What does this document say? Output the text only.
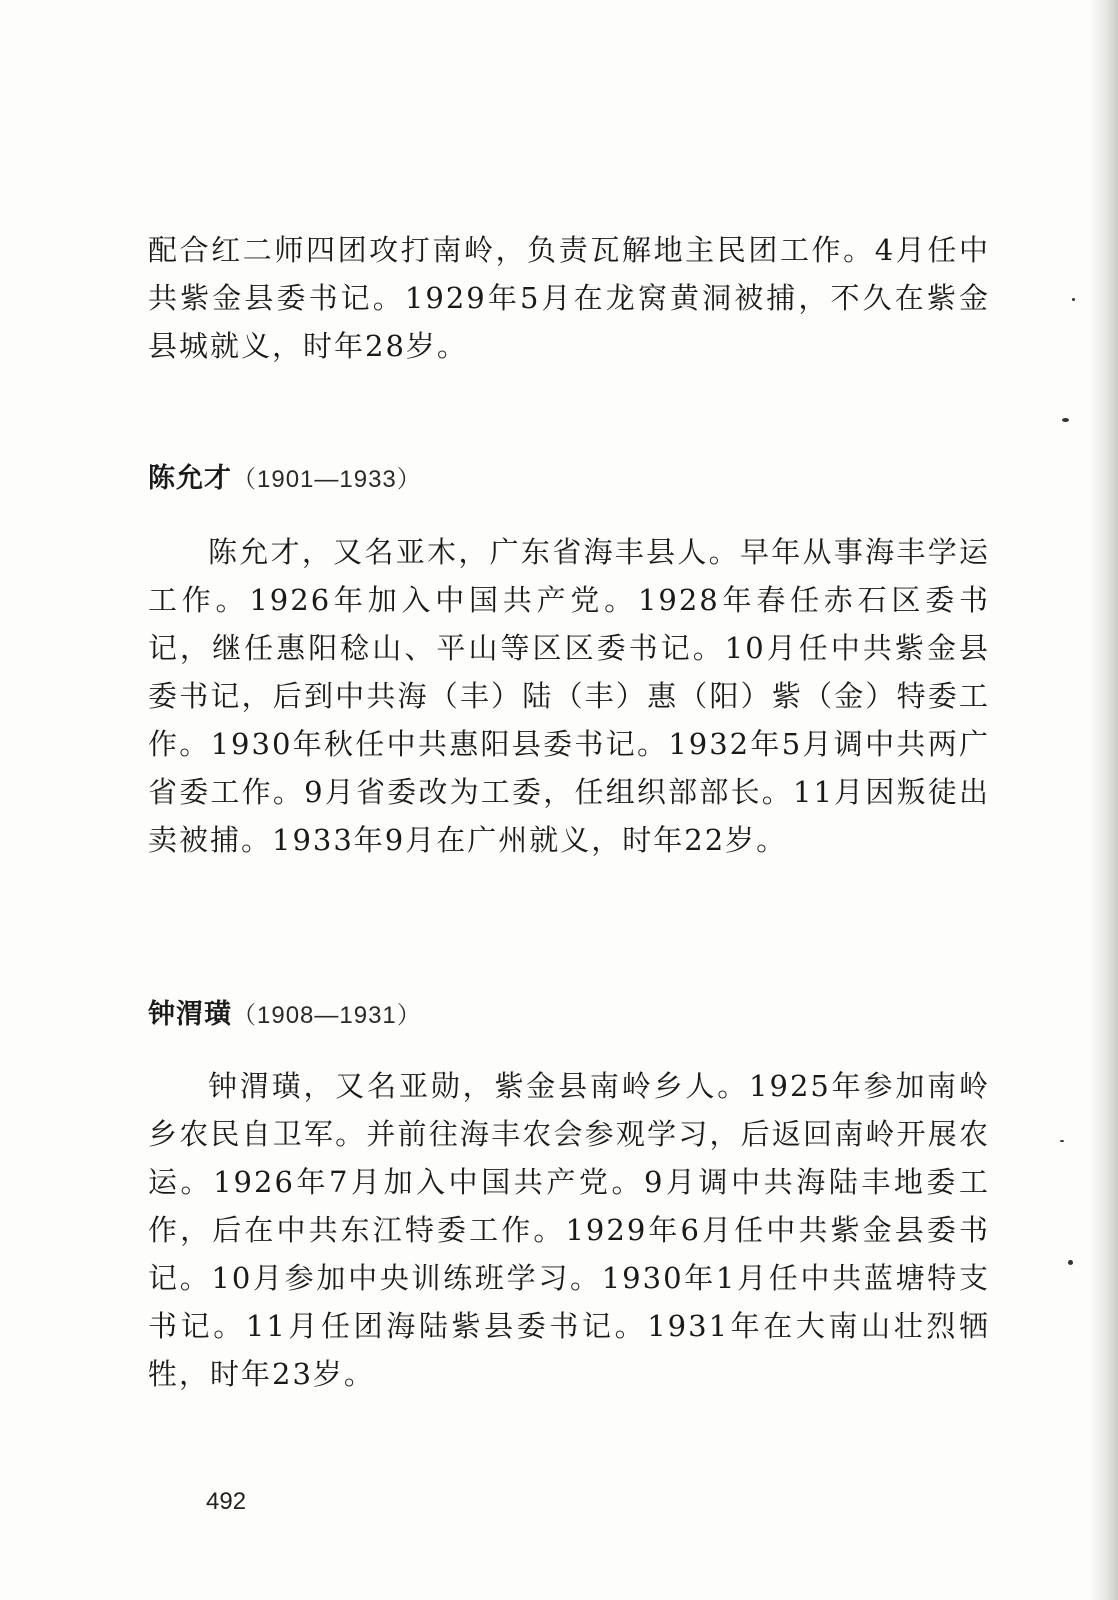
配合红二师四团攻打南岭，负责瓦解地主民团工作。4月任中共紫金县委书记。1929年5月在龙窝黄洞被捕，不久在紫金县城就义，时年28岁。

陈允才（1901—1933）

陈允才，又名亚木，广东省海丰县人。早年从事海丰学运工作。1926年加入中国共产党。1928年春任赤石区委书记，继任惠阳稔山、平山等区区委书记。10月任中共紫金县委书记，后到中共海（丰）陆（丰）惠（阳）紫（金）特委工作。1930年秋任中共惠阳县委书记。1932年5月调中共两广省委工作。9月省委改为工委，任组织部部长。11月因叛徒出卖被捕。1933年9月在广州就义，时年22岁。

钟渭璜（1908—1931）

钟渭璜，又名亚勋，紫金县南岭乡人。1925年参加南岭乡农民自卫军。并前往海丰农会参观学习，后返回南岭开展农运。1926年7月加入中国共产党。9月调中共海陆丰地委工作，后在中共东江特委工作。1929年6月任中共紫金县委书记。10月参加中央训练班学习。1930年1月任中共蓝塘特支书记。11月任团海陆紫县委书记。1931年在大南山壮烈牺牲，时年23岁。

492
